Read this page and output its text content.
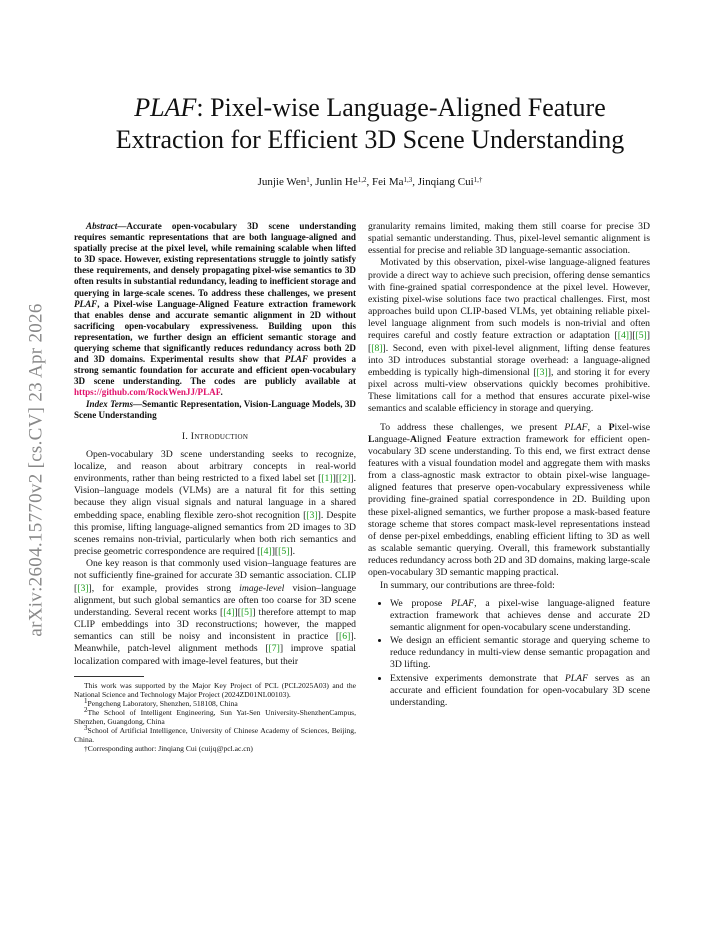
arXiv:2604.15770v2 [cs.CV] 23 Apr 2026
PLAF: Pixel-wise Language-Aligned Feature
Extraction for Efficient 3D Scene Understanding
Junjie Wen$^1$, Junlin He$^{1,2}$, Fei Ma$^{1,3}$, Jinqiang Cui$^{1,\dagger}$

Abstract—Accurate open-vocabulary 3D scene understanding requires semantic representations that are both language-aligned and spatially precise at the pixel level, while remaining scalable when lifted to 3D space. However, existing representations struggle to jointly satisfy these requirements, and densely propagating pixel-wise semantics to 3D often results in substantial redundancy, leading to inefficient storage and querying in large-scale scenes. To address these challenges, we present PLAF, a Pixel-wise Language-Aligned Feature extraction framework that enables dense and accurate semantic alignment in 2D without sacrificing open-vocabulary expressiveness. Building upon this representation, we further design an efficient semantic storage and querying scheme that significantly reduces redundancy across both 2D and 3D domains. Experimental results show that PLAF provides a strong semantic foundation for accurate and efficient open-vocabulary 3D scene understanding. The codes are publicly available at https://github.com/RockWenJJ/PLAF.

Index Terms—Semantic Representation, Vision-Language Models, 3D Scene Understanding

I. Introduction

Open-vocabulary 3D scene understanding seeks to recognize, localize, and reason about arbitrary concepts in real-world environments, rather than being restricted to a fixed label set [[1]][[2]]. Vision–language models (VLMs) are a natural fit for this setting because they align visual signals and natural language in a shared embedding space, enabling flexible zero-shot recognition [[3]]. Despite this promise, lifting language-aligned semantics from 2D images to 3D scenes remains non-trivial, particularly when both rich semantics and precise geometric correspondence are required [[4]][[5]].

One key reason is that commonly used vision–language features are not sufficiently fine-grained for accurate 3D semantic association. CLIP [[3]], for example, provides strong image-level vision–language alignment, but such global semantics are often too coarse for 3D scene understanding. Several recent works [[4]][[5]] therefore attempt to map CLIP embeddings into 3D reconstructions; however, the mapped semantics can still be noisy and inconsistent in practice [[6]]. Meanwhile, patch-level alignment methods [[7]] improve spatial localization compared with image-level features, but their

This work was supported by the Major Key Project of PCL (PCL2025A03) and the National Science and Technology Major Project (2024ZD01NL00103).

$^1$Pengcheng Laboratory, Shenzhen, 518108, China

$^2$The School of Intelligent Engineering, Sun Yat-Sen University-ShenzhenCampus, Shenzhen, Guangdong, China

$^3$School of Artificial Intelligence, University of Chinese Academy of Sciences, Beijing, China.

†Corresponding author: Jinqiang Cui (cuijq@pcl.ac.cn)

granularity remains limited, making them still coarse for precise 3D spatial semantic understanding. Thus, pixel-level semantic alignment is essential for precise and reliable 3D language-semantic association.

Motivated by this observation, pixel-wise language-aligned features provide a direct way to achieve such precision, offering dense semantics with fine-grained spatial correspondence at the pixel level. However, existing pixel-wise solutions face two practical challenges. First, most approaches build upon CLIP-based VLMs, yet obtaining reliable pixel-level language alignment from such models is non-trivial and often requires careful and costly feature extraction or adaptation [[4]][[5]][[8]]. Second, even with pixel-level alignment, lifting dense features into 3D introduces substantial storage overhead: a language-aligned embedding is typically high-dimensional [[3]], and storing it for every pixel across multi-view observations quickly becomes prohibitive. These limitations call for a method that ensures accurate pixel-wise semantics and scalable efficiency in storage and querying.

To address these challenges, we present PLAF, a Pixel-wise Language-Aligned Feature extraction framework for efficient open-vocabulary 3D scene understanding. To this end, we first extract dense features with a visual foundation model and aggregate them with masks from a class-agnostic mask extractor to obtain pixel-wise language-aligned features that preserve open-vocabulary expressiveness while providing fine-grained spatial correspondence in 2D. Building upon these pixel-aligned semantics, we further propose a mask-based feature storage scheme that stores compact mask-level representations instead of dense per-pixel embeddings, enabling efficient lifting to 3D as well as scalable semantic querying. Overall, this framework substantially reduces redundancy across both 2D and 3D domains, making large-scale open-vocabulary 3D semantic mapping practical.

In summary, our contributions are three-fold:

• We propose PLAF, a pixel-wise language-aligned feature extraction framework that achieves dense and accurate 2D semantic alignment for open-vocabulary scene understanding.
• We design an efficient semantic storage and querying scheme to reduce redundancy in multi-view dense semantic propagation and 3D lifting.
• Extensive experiments demonstrate that PLAF serves as an accurate and efficient foundation for open-vocabulary 3D scene understanding.
